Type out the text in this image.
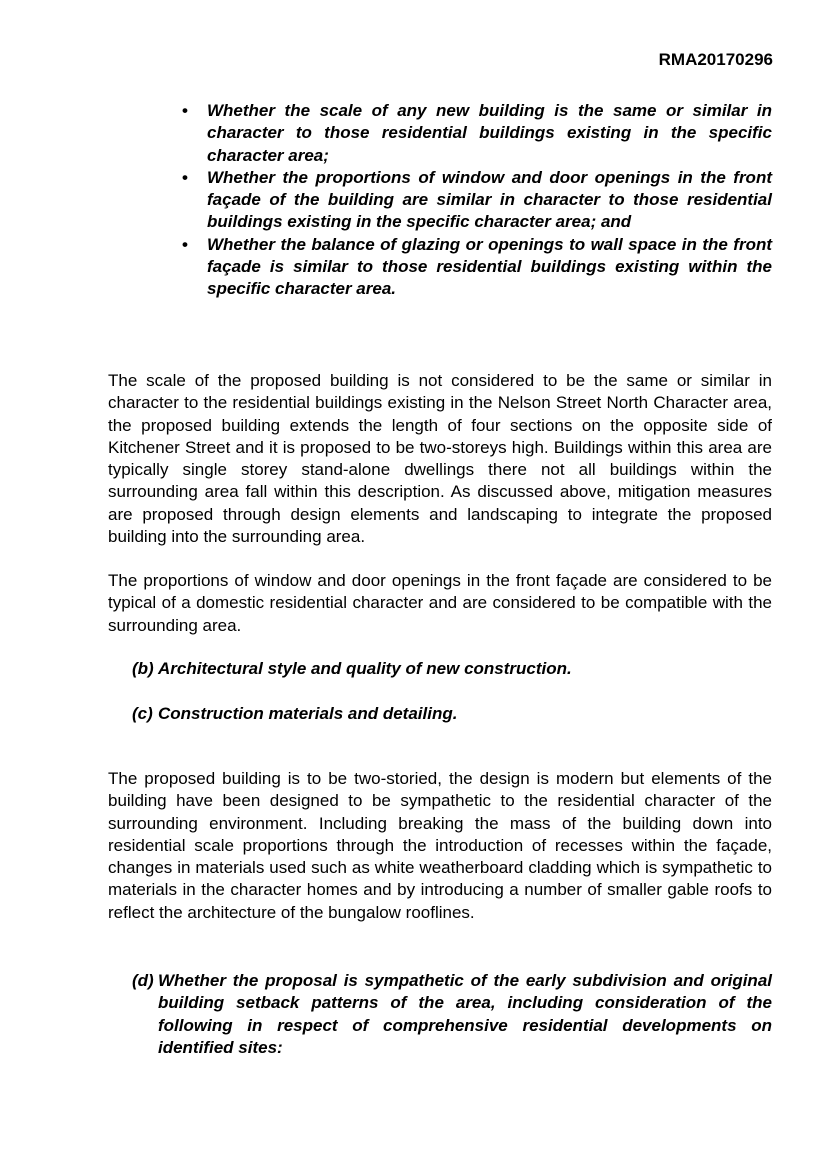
RMA20170296
• Whether the scale of any new building is the same or similar in character to those residential buildings existing in the specific character area;
• Whether the proportions of window and door openings in the front façade of the building are similar in character to those residential buildings existing in the specific character area; and
• Whether the balance of glazing or openings to wall space in the front façade is similar to those residential buildings existing within the specific character area.

The scale of the proposed building is not considered to be the same or similar in character to the residential buildings existing in the Nelson Street North Character area, the proposed building extends the length of four sections on the opposite side of Kitchener Street and it is proposed to be two-storeys high. Buildings within this area are typically single storey stand-alone dwellings there not all buildings within the surrounding area fall within this description. As discussed above, mitigation measures are proposed through design elements and landscaping to integrate the proposed building into the surrounding area.

The proportions of window and door openings in the front façade are considered to be typical of a domestic residential character and are considered to be compatible with the surrounding area.

(b) Architectural style and quality of new construction.
(c) Construction materials and detailing.

The proposed building is to be two-storied, the design is modern but elements of the building have been designed to be sympathetic to the residential character of the surrounding environment. Including breaking the mass of the building down into residential scale proportions through the introduction of recesses within the façade, changes in materials used such as white weatherboard cladding which is sympathetic to materials in the character homes and by introducing a number of smaller gable roofs to reflect the architecture of the bungalow rooflines.

(d) Whether the proposal is sympathetic of the early subdivision and original building setback patterns of the area, including consideration of the following in respect of comprehensive residential developments on identified sites:
